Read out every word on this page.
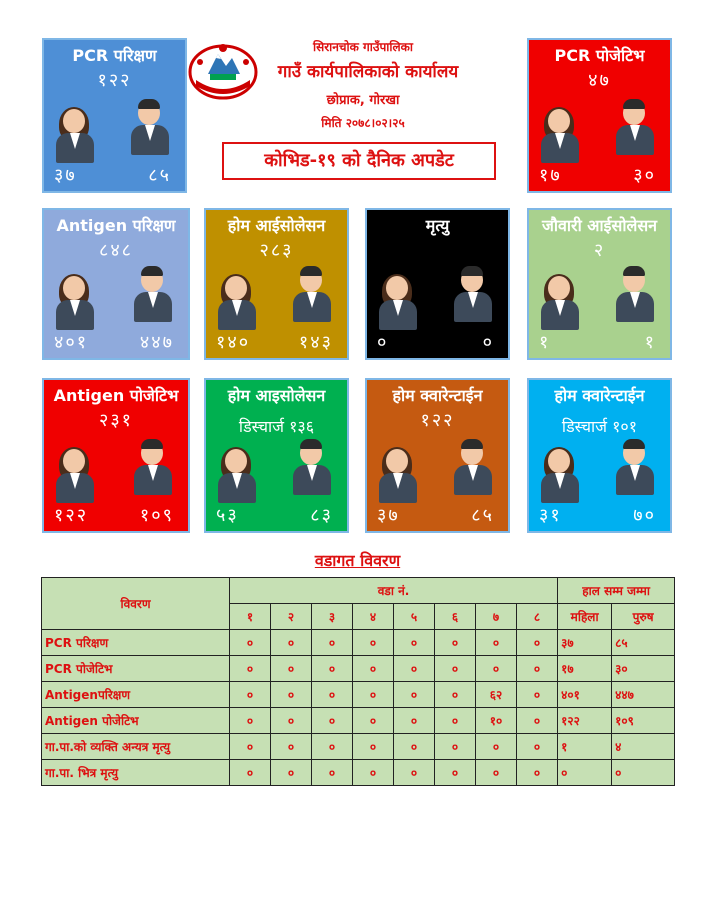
सिरानचोक गाउँपालिका
गाउँ कार्यपालिकाको कार्यालय
छोप्राक, गोरखा
मिति २०७८।०२।२५
कोभिड-१९ को दैनिक अपडेट
PCR परिक्षण
१२२
३७	८५
PCR पोजेटिभ
४७
१७	३०
Antigen परिक्षण
८४८
४०१	४४७
होम आईसोलेसन
२८३
१४०	१४३
मृत्यु
०	०
जौवारी आईसोलेसन
२
१	१
Antigen पोजेटिभ
२३१
१२२	१०९
होम आइसोलेसन
डिस्चार्ज १३६
५३	८३
होम क्वारेन्टाईन
१२२
३७	८५
होम क्वारेन्टाईन
डिस्चार्ज १०१
३१	७०
वडागत विवरण
विवरण	वडा नं.								हाल सम्म जम्मा	
	१	२	३	४	५	६	७	८	महिला	पुरुष
PCR परिक्षण	०	०	०	०	०	०	०	०	३७	८५
PCR पोजेटिभ	०	०	०	०	०	०	०	०	१७	३०
Antigenपरिक्षण	०	०	०	०	०	०	६२	०	४०१	४४७
Antigen पोजेटिभ	०	०	०	०	०	०	१०	०	१२२	१०९
गा.पा.को व्यक्ति अन्यत्र मृत्यु	०	०	०	०	०	०	०	०	१	४
गा.पा. भित्र मृत्यु	०	०	०	०	०	०	०	०	०	०
